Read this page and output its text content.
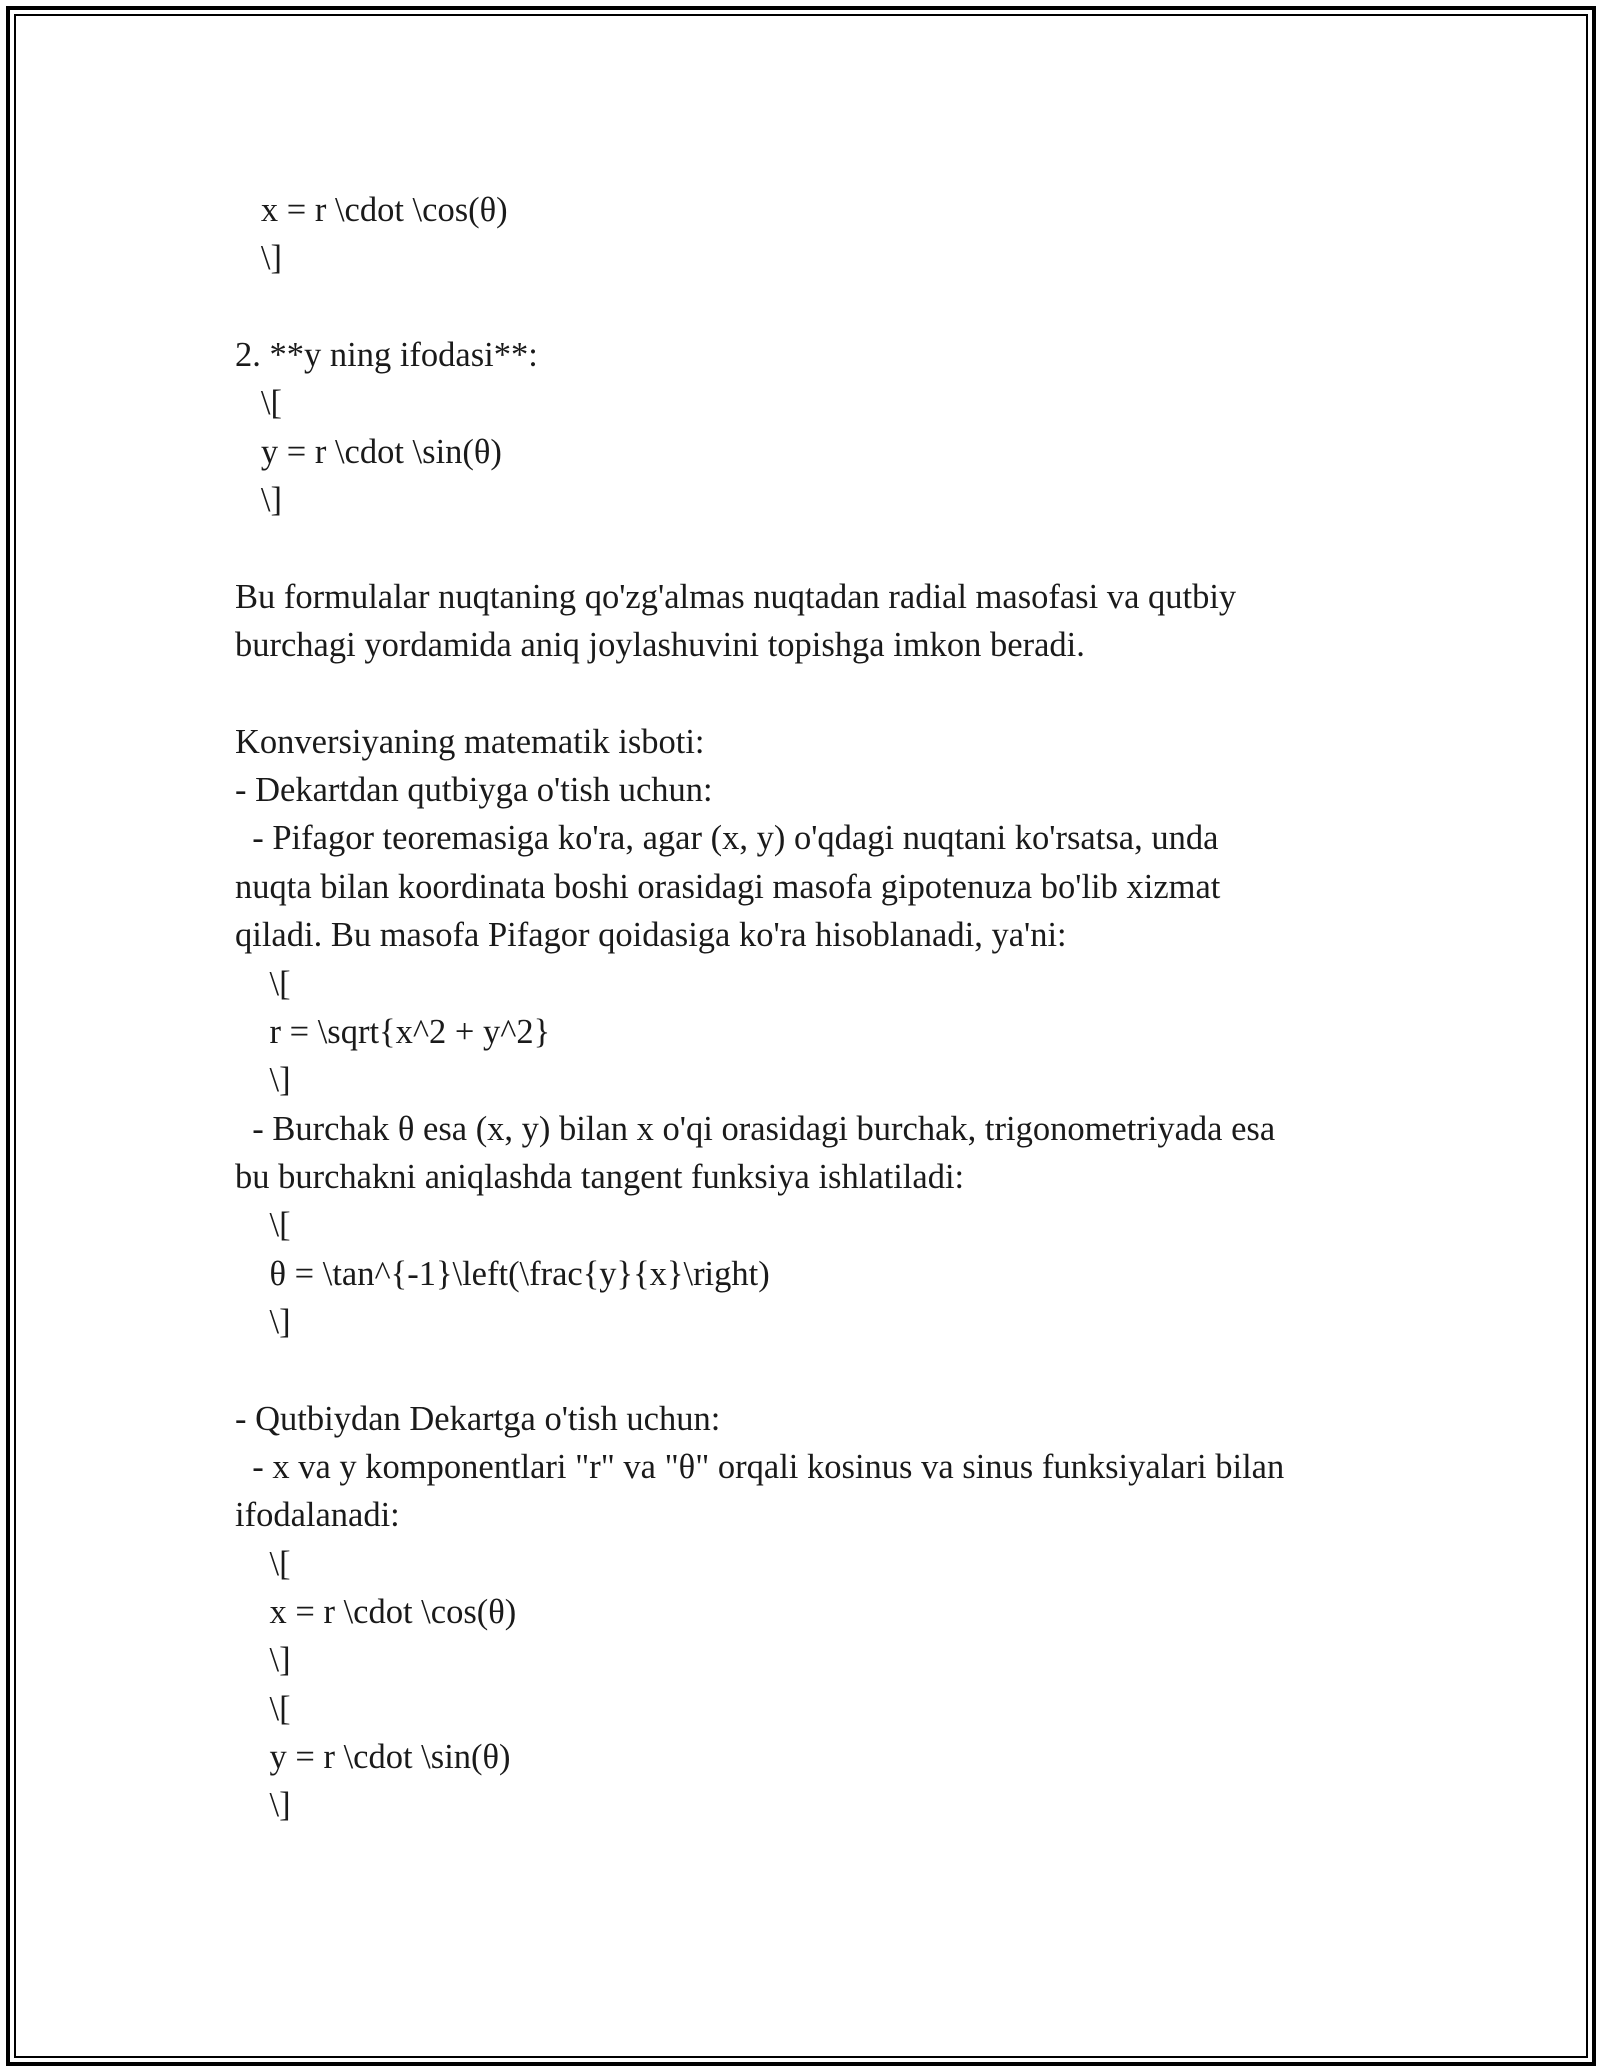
x = r \cdot \cos(θ)
\]
2. **y ning ifodasi**:
\[
y = r \cdot \sin(θ)
\]
Bu formulalar nuqtaning qo'zg'almas nuqtadan radial masofasi va qutbiy
burchagi yordamida aniq joylashuvini topishga imkon beradi.
Konversiyaning matematik isboti:
- Dekartdan qutbiyga o'tish uchun:
- Pifagor teoremasiga ko'ra, agar (x, y) o'qdagi nuqtani ko'rsatsa, unda
nuqta bilan koordinata boshi orasidagi masofa gipotenuza bo'lib xizmat
qiladi. Bu masofa Pifagor qoidasiga ko'ra hisoblanadi, ya'ni:
\[
r = \sqrt{x^2 + y^2}
\]
- Burchak θ esa (x, y) bilan x o'qi orasidagi burchak, trigonometriyada esa
bu burchakni aniqlashda tangent funksiya ishlatiladi:
\[
θ = \tan^{-1}\left(\frac{y}{x}\right)
\]
- Qutbiydan Dekartga o'tish uchun:
- x va y komponentlari "r" va "θ" orqali kosinus va sinus funksiyalari bilan
ifodalanadi:
\[
x = r \cdot \cos(θ)
\]
\[
y = r \cdot \sin(θ)
\]
